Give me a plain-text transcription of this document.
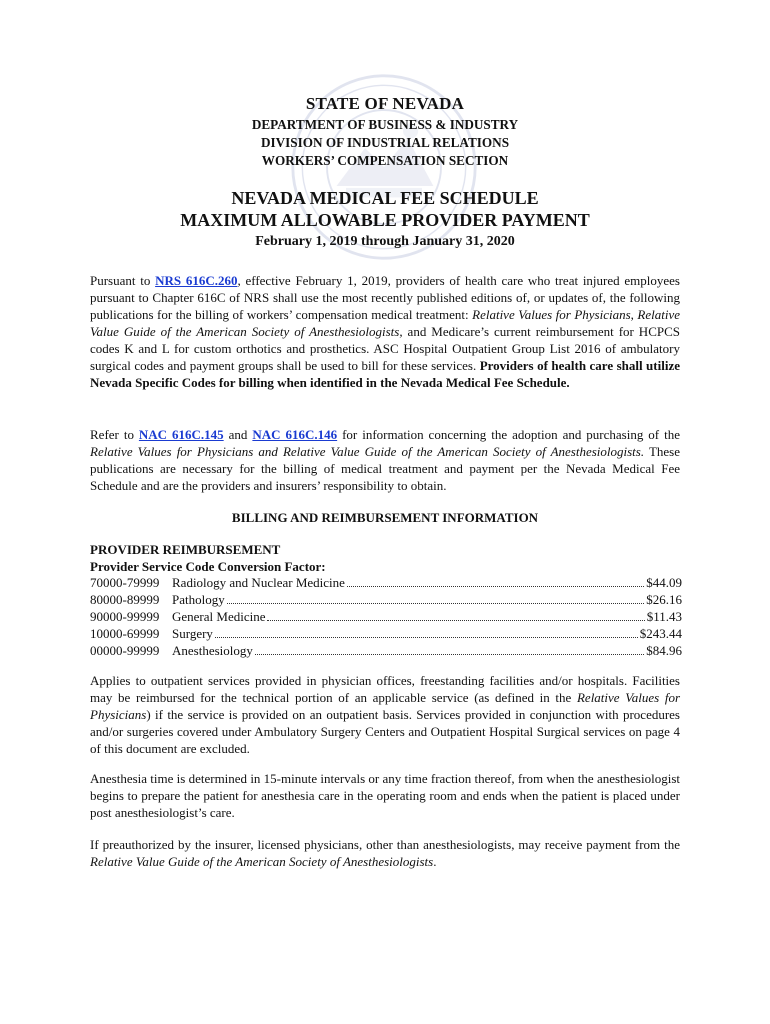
STATE OF NEVADA
DEPARTMENT OF BUSINESS & INDUSTRY
DIVISION OF INDUSTRIAL RELATIONS
WORKERS’ COMPENSATION SECTION
NEVADA MEDICAL FEE SCHEDULE
MAXIMUM ALLOWABLE PROVIDER PAYMENT
February 1, 2019 through January 31, 2020
Pursuant to NRS 616C.260, effective February 1, 2019, providers of health care who treat injured employees pursuant to Chapter 616C of NRS shall use the most recently published editions of, or updates of, the following publications for the billing of workers’ compensation medical treatment: Relative Values for Physicians, Relative Value Guide of the American Society of Anesthesiologists, and Medicare’s current reimbursement for HCPCS codes K and L for custom orthotics and prosthetics. ASC Hospital Outpatient Group List 2016 of ambulatory surgical codes and payment groups shall be used to bill for these services. Providers of health care shall utilize Nevada Specific Codes for billing when identified in the Nevada Medical Fee Schedule.
Refer to NAC 616C.145 and NAC 616C.146 for information concerning the adoption and purchasing of the Relative Values for Physicians and Relative Value Guide of the American Society of Anesthesiologists. These publications are necessary for the billing of medical treatment and payment per the Nevada Medical Fee Schedule and are the providers and insurers’ responsibility to obtain.
BILLING AND REIMBURSEMENT INFORMATION
PROVIDER REIMBURSEMENT
Provider Service Code Conversion Factor:
70000-79999 Radiology and Nuclear Medicine	$44.09
80000-89999 Pathology	$26.16
90000-99999 General Medicine	$11.43
10000-69999 Surgery	$243.44
00000-99999 Anesthesiology	$84.96
Applies to outpatient services provided in physician offices, freestanding facilities and/or hospitals. Facilities may be reimbursed for the technical portion of an applicable service (as defined in the Relative Values for Physicians) if the service is provided on an outpatient basis. Services provided in conjunction with procedures and/or surgeries covered under Ambulatory Surgery Centers and Outpatient Hospital Surgical services on page 4 of this document are excluded.
Anesthesia time is determined in 15-minute intervals or any time fraction thereof, from when the anesthesiologist begins to prepare the patient for anesthesia care in the operating room and ends when the patient is placed under post anesthesiologist’s care.
If preauthorized by the insurer, licensed physicians, other than anesthesiologists, may receive payment from the Relative Value Guide of the American Society of Anesthesiologists.
